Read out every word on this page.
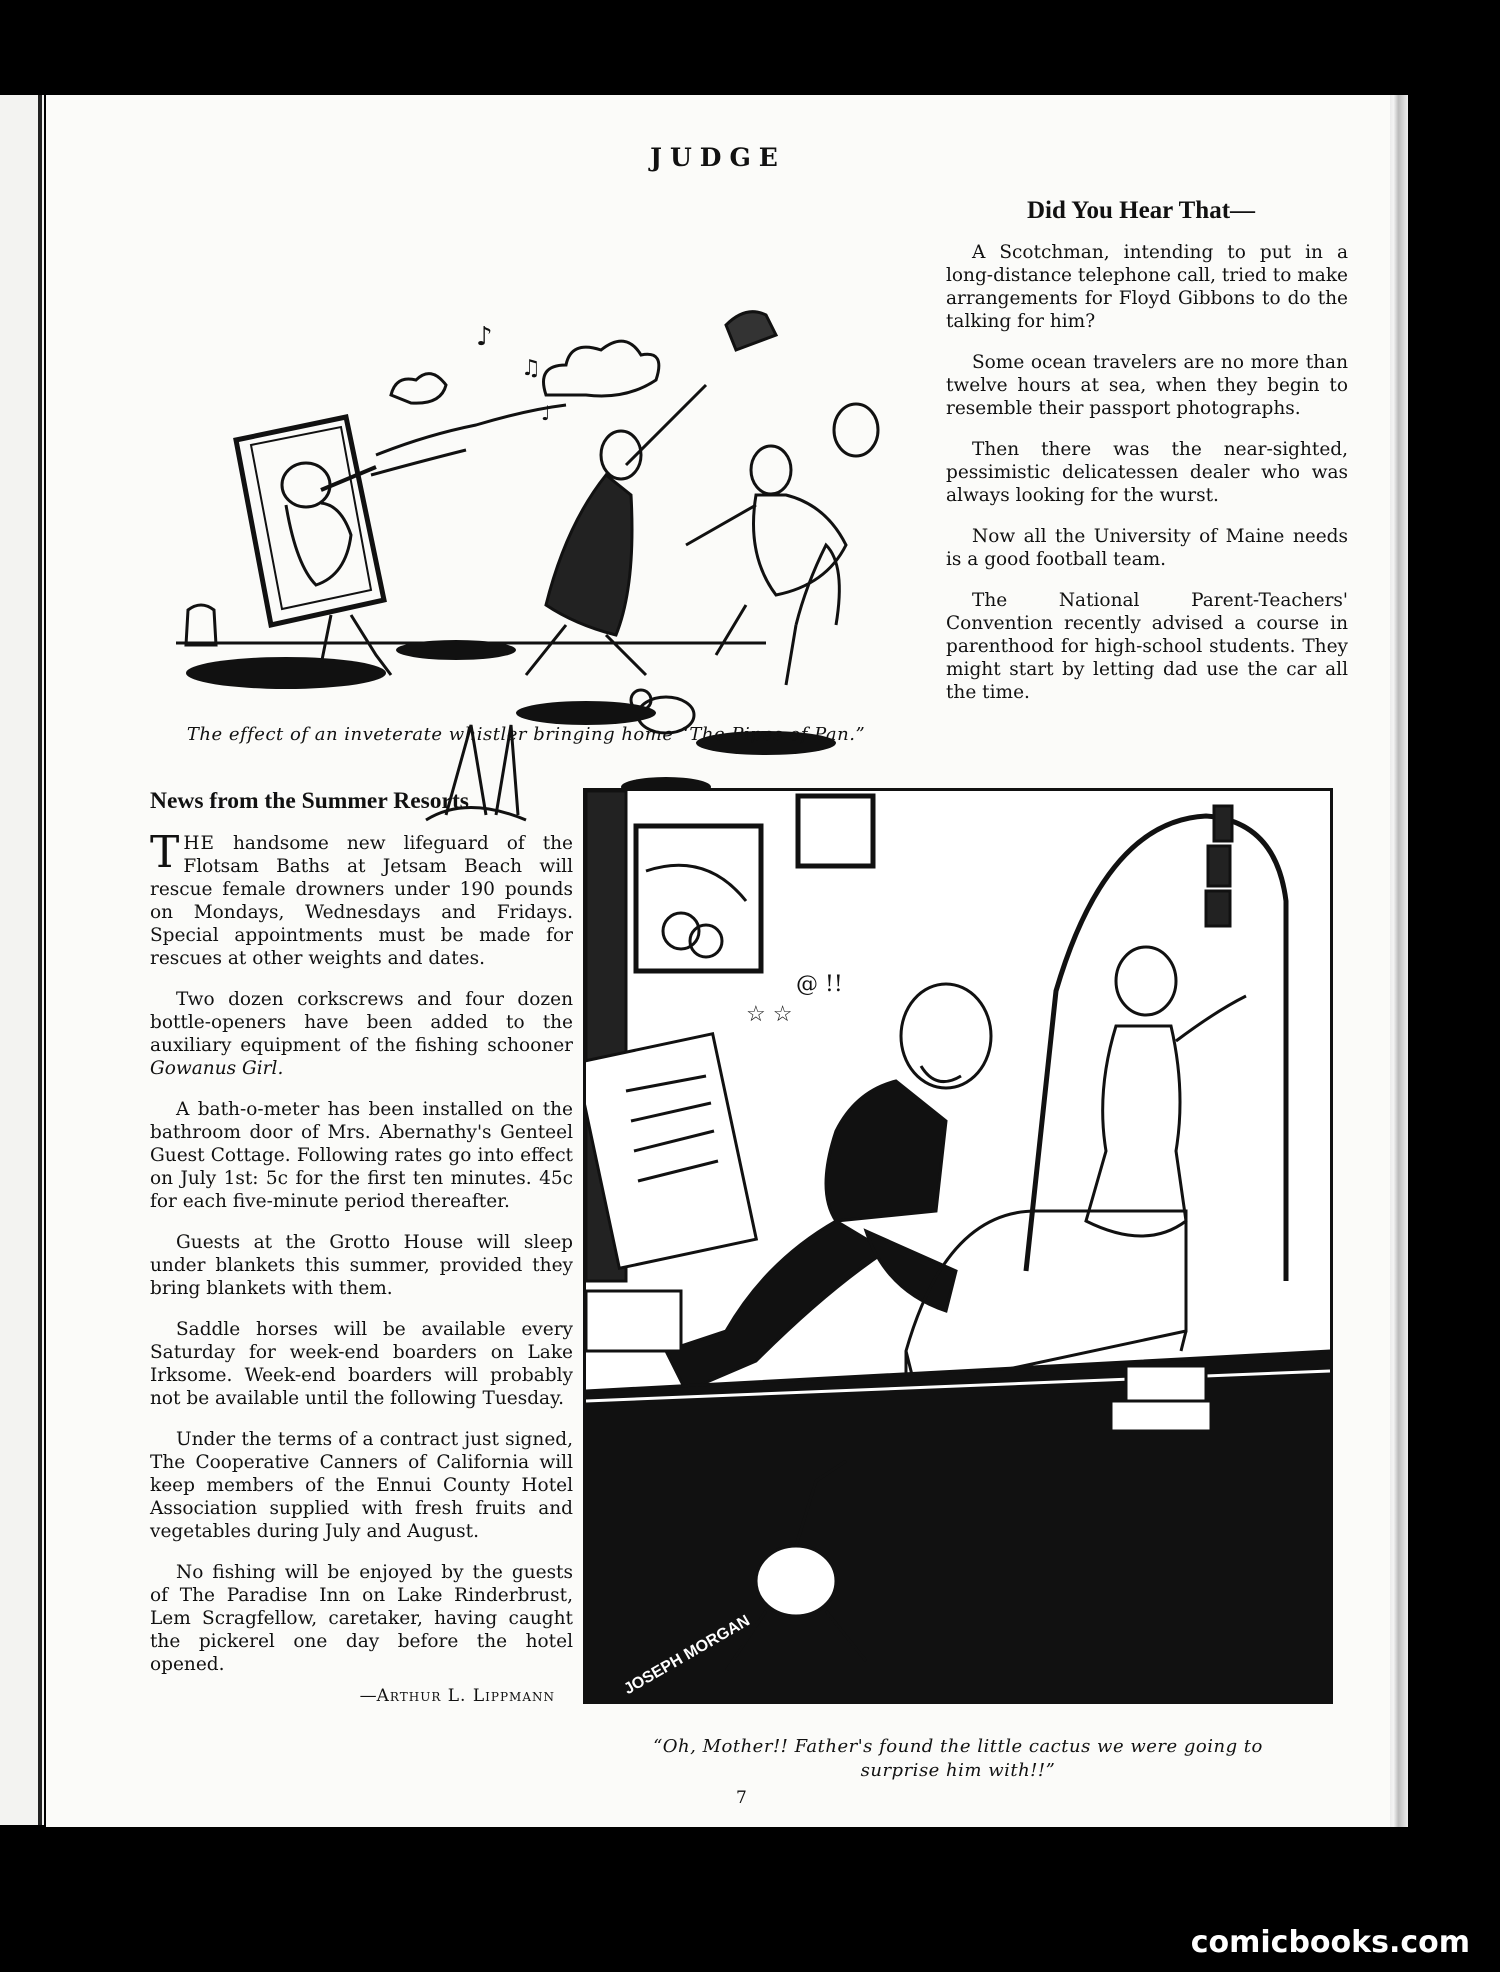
JUDGE
♪
♫
♩
The effect of an inveterate whistler bringing home “The Pipes of Pan.”
Did You Hear That—

A Scotchman, intending to put in a long-distance telephone call, tried to make arrangements for Floyd Gibbons to do the talking for him?

Some ocean travelers are no more than twelve hours at sea, when they begin to resemble their passport photographs.

Then there was the near-sighted, pessimistic delicatessen dealer who was always looking for the wurst.

Now all the University of Maine needs is a good football team.

The National Parent-Teachers' Convention recently advised a course in parenthood for high-school students. They might start by letting dad use the car all the time.

News from the Summer Resorts

THE handsome new lifeguard of the Flotsam Baths at Jetsam Beach will rescue female drowners under 190 pounds on Mondays, Wednesdays and Fridays. Special appointments must be made for rescues at other weights and dates.

Two dozen corkscrews and four dozen bottle-openers have been added to the auxiliary equipment of the fishing schooner Gowanus Girl.

A bath-o-meter has been installed on the bathroom door of Mrs. Abernathy's Genteel Guest Cottage. Following rates go into effect on July 1st: 5c for the first ten minutes. 45c for each five-minute period thereafter.

Guests at the Grotto House will sleep under blankets this summer, provided they bring blankets with them.

Saddle horses will be available every Saturday for week-end boarders on Lake Irksome. Week-end boarders will probably not be available until the following Tuesday.

Under the terms of a contract just signed, The Cooperative Canners of California will keep members of the Ennui County Hotel Association supplied with fresh fruits and vegetables during July and August.

No fishing will be enjoyed by the guests of The Paradise Inn on Lake Rinderbrust, Lem Scragfellow, caretaker, having caught the pickerel one day before the hotel opened.

—Arthur L. Lippmann
☆ ☆
@ !!
JOSEPH MORGAN
“Oh, Mother!! Father's found the little cactus we were going to
surprise him with!!”
7
comicbooks.com
